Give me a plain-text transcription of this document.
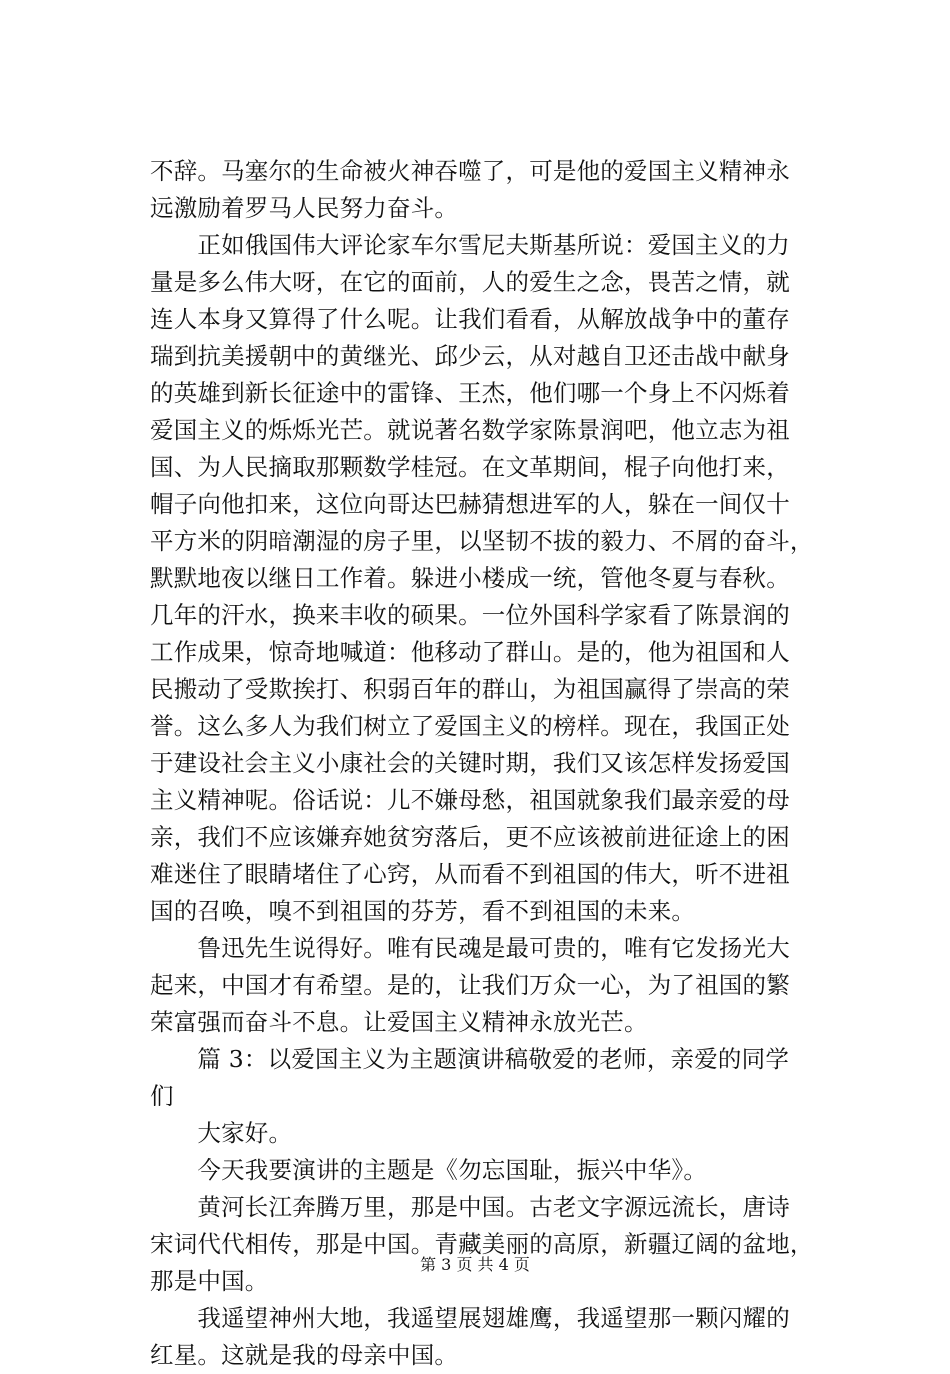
不辞。马塞尔的生命被火神吞噬了，可是他的爱国主义精神永
远激励着罗马人民努力奋斗。
　　正如俄国伟大评论家车尔雪尼夫斯基所说：爱国主义的力
量是多么伟大呀，在它的面前，人的爱生之念，畏苦之情，就
连人本身又算得了什么呢。让我们看看，从解放战争中的董存
瑞到抗美援朝中的黄继光、邱少云，从对越自卫还击战中献身
的英雄到新长征途中的雷锋、王杰，他们哪一个身上不闪烁着
爱国主义的烁烁光芒。就说著名数学家陈景润吧，他立志为祖
国、为人民摘取那颗数学桂冠。在文革期间，棍子向他打来，
帽子向他扣来，这位向哥达巴赫猜想进军的人，躲在一间仅十
平方米的阴暗潮湿的房子里，以坚韧不拔的毅力、不屑的奋斗，
默默地夜以继日工作着。躲进小楼成一统，管他冬夏与春秋。
几年的汗水，换来丰收的硕果。一位外国科学家看了陈景润的
工作成果，惊奇地喊道：他移动了群山。是的，他为祖国和人
民搬动了受欺挨打、积弱百年的群山，为祖国赢得了崇高的荣
誉。这么多人为我们树立了爱国主义的榜样。现在，我国正处
于建设社会主义小康社会的关键时期，我们又该怎样发扬爱国
主义精神呢。俗话说：儿不嫌母愁，祖国就象我们最亲爱的母
亲，我们不应该嫌弃她贫穷落后，更不应该被前进征途上的困
难迷住了眼睛堵住了心窍，从而看不到祖国的伟大，听不进祖
国的召唤，嗅不到祖国的芬芳，看不到祖国的未来。
　　鲁迅先生说得好。唯有民魂是最可贵的，唯有它发扬光大
起来，中国才有希望。是的，让我们万众一心，为了祖国的繁
荣富强而奋斗不息。让爱国主义精神永放光芒。
　　篇 3：以爱国主义为主题演讲稿敬爱的老师，亲爱的同学
们
　　大家好。
　　今天我要演讲的主题是《勿忘国耻，振兴中华》。
　　黄河长江奔腾万里，那是中国。古老文字源远流长，唐诗
宋词代代相传，那是中国。青藏美丽的高原，新疆辽阔的盆地，
那是中国。
　　我遥望神州大地，我遥望展翅雄鹰，我遥望那一颗闪耀的
红星。这就是我的母亲中国。
第 3 页 共 4 页
